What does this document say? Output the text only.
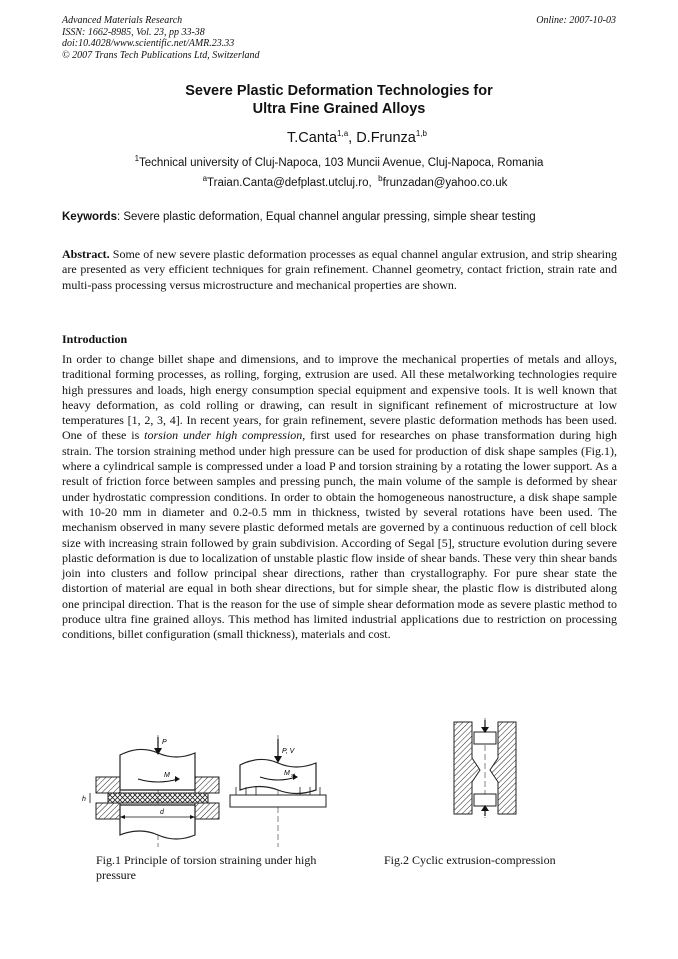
Advanced Materials Research
ISSN: 1662-8985, Vol. 23, pp 33-38
doi:10.4028/www.scientific.net/AMR.23.33
© 2007 Trans Tech Publications Ltd, Switzerland
Online: 2007-10-03
Severe Plastic Deformation Technologies for
Ultra Fine Grained Alloys
T.Canta$^{1,a}$, D.Frunza$^{1,b}$
$^1$Technical university of Cluj-Napoca, 103 Muncii Avenue, Cluj-Napoca, Romania
$^a$Traian.Canta@defplast.utcluj.ro, $^b$frunzadan@yahoo.co.uk
Keywords: Severe plastic deformation, Equal channel angular pressing, simple shear testing
Abstract. Some of new severe plastic deformation processes as equal channel angular extrusion, and strip shearing are presented as very efficient techniques for grain refinement. Channel geometry, contact friction, strain rate and multi-pass processing versus microstructure and mechanical properties are shown.
Introduction
In order to change billet shape and dimensions, and to improve the mechanical properties of metals and alloys, traditional forming processes, as rolling, forging, extrusion are used. All these metalworking technologies require high pressures and loads, high energy consumption special equipment and expensive tools. It is well known that heavy deformation, as cold rolling or drawing, can result in significant refinement of microstructure at low temperatures [1, 2, 3, 4]. In recent years, for grain refinement, severe plastic deformation methods has been used. One of these is torsion under high compression, first used for researches on phase transformation during high strain. The torsion straining method under high pressure can be used for production of disk shape samples (Fig.1), where a cylindrical sample is compressed under a load P and torsion straining by a rotating the lower support. As a result of friction force between samples and pressing punch, the main volume of the sample is deformed by shear under hydrostatic compression conditions. In order to obtain the homogeneous nanostructure, a disk shape sample with 10-20 mm in diameter and 0.2-0.5 mm in thickness, twisted by several rotations have been used. The mechanism observed in many severe plastic deformed metals are governed by a continuous reduction of cell block size with increasing strain followed by grain subdivision. According of Segal [5], structure evolution during severe plastic deformation is due to localization of unstable plastic flow inside of shear bands. These very thin shear bands join into clusters and follow principal shear directions, rather than crystallography. For pure shear state the distortion of material are equal in both shear directions, but for simple shear, the plastic flow is distributed along one principal direction. That is the reason for the use of simple shear deformation mode as severe plastic method to produce ultra fine grained alloys. This method has limited industrial applications due to restriction on processing conditions, billet configuration (small thickness), materials and cost.
P
M
h
d
P, V
M st
Fig.1 Principle of torsion straining under high pressure
Fig.2 Cyclic extrusion-compression
